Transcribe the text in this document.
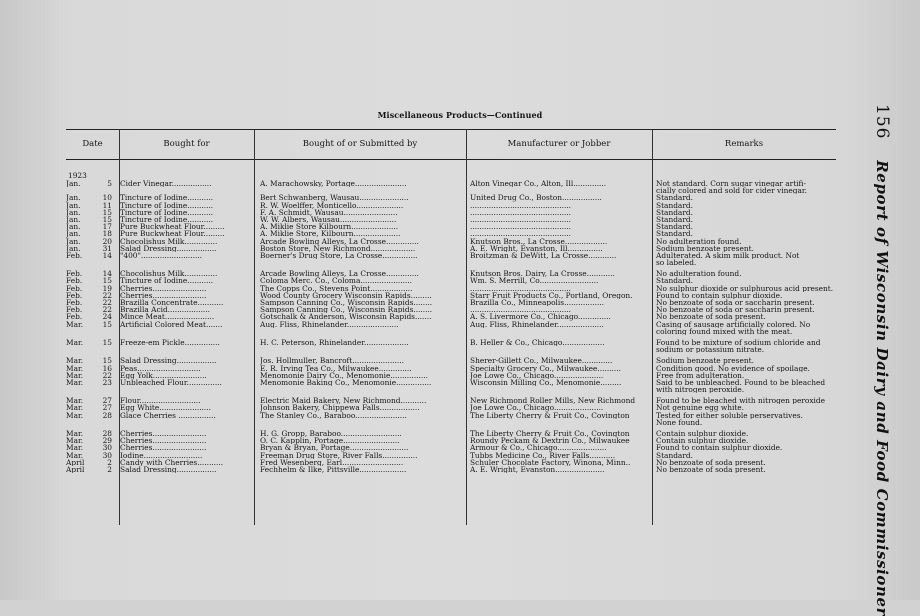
156 Report of Wisconsin Dairy and Food Commissioner
Miscellaneous Products—Continued
Date	Bought for	Bought of or Submitted by	Manufacturer or Jobber	Remarks
1923
Jan.	5 Cider Vinegar.................	A. Marachowsky, Portage......................	Alton Vinegar Co., Alton, Ill..............	Not standard. Corn sugar vinegar artifi-
cially colored and sold for cider vinegar.
Jan.	10 Tincture of Iodine...........	Bert Schwanberg, Wausau.....................	United Drug Co., Boston.................	Standard.
Jan.	11 Tincture of Iodine...........	R. W. Woelffer, Monticello....................	...........................................	Standard.
Jan.	15 Tincture of Iodine...........	F. A. Schmidt, Wausau.......................	...........................................	Standard.
Jan.	15 Tincture of Iodine...........	W. W. Albers, Wausau........................	...........................................	Standard.
Jan.	17 Pure Buckwheat Flour.........	A. Miklie Store Kilbourn....................	...........................................	Standard.
Jan.	18 Pure Buckwheat Flour.........	A. Miklie Store, Kilbourn....................	...........................................	Standard.
Jan.	20 Chocolishus Milk..............	Arcade Bowling Alleys, La Crosse..............	Knutson Bros., La Crosse..................	No adulteration found.
Jan.	31 Salad Dressing.................	Boston Store, New Richmond...................	A. E. Wright, Evanston, Ill...............	Sodium benzoate present.
Feb.	14 "400"..........................	Boerner's Drug Store, La Crosse...............	Broitzman & DeWitt, La Crosse............	Adulterated. A skim milk product. Not
so labeled.
Feb.	14 Chocolishus Milk..............	Arcade Bowling Alleys, La Crosse..............	Knutson Bros. Dairy, La Crosse............	No adulteration found.
Feb.	15 Tincture of Iodine...........	Coloma Merc. Co., Coloma......................	Wm. S. Merrill, Co.........................	Standard.
Feb.	19 Cherries.......................	The Copps Co., Stevens Point..................	...........................................	No sulphur dioxide or sulphurous acid present.
Feb.	22 Cherries.......................	Wood County Grocery Wisconsin Rapids.........	Starr Fruit Products Co., Portland, Oregon.	Found to contain sulphur dioxide.
Feb.	22 Brazilla Concentrate...........	Sampson Canning Co., Wisconsin Rapids........	Brazilla Co., Minneapolis.................	No benzoate of soda or saccharin present.
Feb.	22 Brazilla Acid..................	Sampson Canning Co., Wisconsin Rapids........	...........................................	No benzoate of soda or saccharin present.
Feb.	24 Mince Meat.....................	Gotschalk & Anderson, Wisconsin Rapids.......	A. S. Livermore Co., Chicago..............	No benzoate of soda present.
Mar.	15 Artificial Colored Meat.......	Aug. Fliss, Rhinelander......................	Aug. Fliss, Rhinelander....................	Casing of sausage artificially colored. No
coloring found mixed with the meat.
Mar.	15 Freeze-em Pickle...............	H. C. Peterson, Rhinelander...................	B. Heller & Co., Chicago..................	Found to be mixture of sodium chloride and
sodium or potassium nitrate.
Mar.	15 Salad Dressing.................	Jos. Hollmuller, Bancroft......................	Sherer-Gillett Co., Milwaukee.............	Sodium benzoate present.
Mar.	16 Peas...........................	E. R. Irving Tea Co., Milwaukee..............	Specialty Grocery Co., Milwaukee..........	Condition good. No evidence of spoilage.
Mar.	22 Egg Yolk.......................	Menomonie Dairy Co., Menomonie................	Joe Lowe Co., Chicago.....................	Free from adulteration.
Mar.	23 Unbleached Flour...............	Menomonie Baking Co., Menomonie...............	Wisconsin Milling Co., Menomonie.........	Said to be unbleached. Found to be bleached
with nitrogen peroxide.
Mar.	27 Flour..........................	Electric Maid Bakery, New Richmond...........	New Richmond Roller Mills, New Richmond	Found to be bleached with nitrogen peroxide
Mar.	27 Egg White......................	Johnson Bakery, Chippewa Falls.................	Joe Lowe Co., Chicago.....................	Not genuine egg white.
Mar.	28 Glace Cherries ................	The Stanley Co., Baraboo......................	The Liberty Cherry & Fruit Co., Covington	Tested for either soluble perservatives.
None found.
Mar.	28 Cherries.......................	H. G. Gropp, Baraboo..........................	The Liberty Cherry & Fruit Co., Covington	Contain sulphur dioxide.
Mar.	29 Cherries.......................	O. C. Kapplin, Portage........................	Roundy Peckam & Dextrin Co., Milwaukee	Contain sulphur dioxide.
Mar.	30 Cherries.......................	Bryan & Bryan, Portage.........................	Armour & Co., Chicago.....................	Found to contain sulphur dioxide.
Mar.	30 Iodine.........................	Freeman Drug Store, River Falls...............	Tubbs Medicine Co., River Falls...........	Standard.
April	2 Candy with Cherries...........	Fred Wesenberg, Earl..........................	Schuler Chocolate Factory, Winona, Minn..	No benzoate of soda present.
April	2 Salad Dressing.................	Fechhelm & Ilke, Pittsville....................	A. E. Wright, Evanston.....................	No benzoate of soda present.
